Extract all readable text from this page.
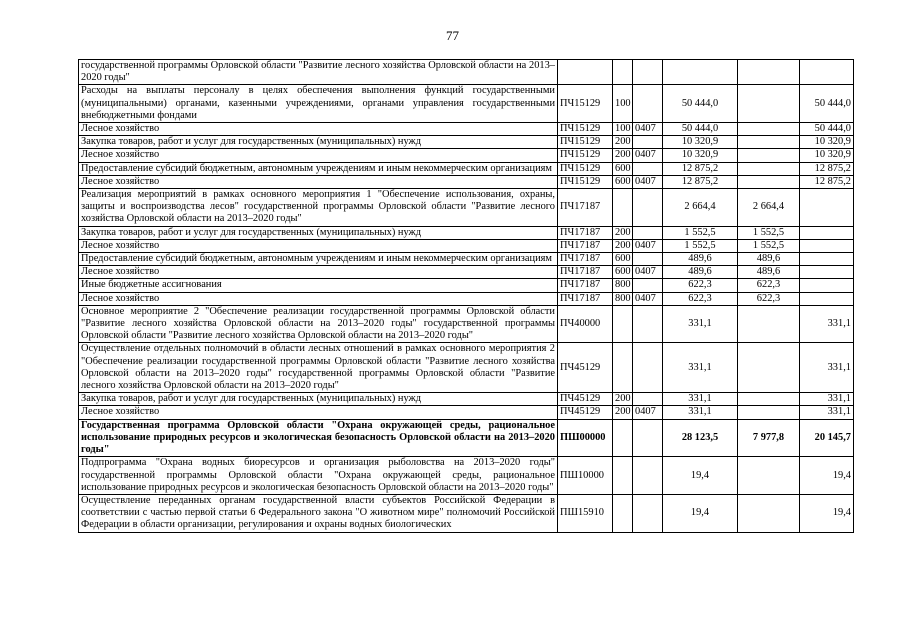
77
государственной программы Орловской области "Развитие лесного хозяйства Орловской области на 2013–2020 годы"						
Расходы на выплаты персоналу в целях обеспечения выполнения функций государственными (муниципальными) органами, казенными учреждениями, органами управления государственными внебюджетными фондами	ПЧ15129	100		50 444,0		50 444,0
Лесное хозяйство	ПЧ15129	100	0407	50 444,0		50 444,0
Закупка товаров, работ и услуг для государственных (муниципальных) нужд	ПЧ15129	200		10 320,9		10 320,9
Лесное хозяйство	ПЧ15129	200	0407	10 320,9		10 320,9
Предоставление субсидий бюджетным, автономным учреждениям и иным некоммерческим организациям	ПЧ15129	600		12 875,2		12 875,2
Лесное хозяйство	ПЧ15129	600	0407	12 875,2		12 875,2
Реализация мероприятий в рамках основного мероприятия 1 "Обеспечение использования, охраны, защиты и воспроизводства лесов" государственной программы Орловской области "Развитие лесного хозяйства Орловской области на 2013–2020 годы"	ПЧ17187			2 664,4	2 664,4	
Закупка товаров, работ и услуг для государственных (муниципальных) нужд	ПЧ17187	200		1 552,5	1 552,5	
Лесное хозяйство	ПЧ17187	200	0407	1 552,5	1 552,5	
Предоставление субсидий бюджетным, автономным учреждениям и иным некоммерческим организациям	ПЧ17187	600		489,6	489,6	
Лесное хозяйство	ПЧ17187	600	0407	489,6	489,6	
Иные бюджетные ассигнования	ПЧ17187	800		622,3	622,3	
Лесное хозяйство	ПЧ17187	800	0407	622,3	622,3	
Основное мероприятие 2 "Обеспечение реализации государственной программы Орловской области "Развитие лесного хозяйства Орловской области на 2013–2020 годы" государственной программы Орловской области "Развитие лесного хозяйства Орловской области на 2013–2020 годы"	ПЧ40000			331,1		331,1
Осуществление отдельных полномочий в области лесных отношений в рамках основного мероприятия 2 "Обеспечение реализации государственной программы Орловской области "Развитие лесного хозяйства Орловской области на 2013–2020 годы" государственной программы Орловской области "Развитие лесного хозяйства Орловской области на 2013–2020 годы"	ПЧ45129			331,1		331,1
Закупка товаров, работ и услуг для государственных (муниципальных) нужд	ПЧ45129	200		331,1		331,1
Лесное хозяйство	ПЧ45129	200	0407	331,1		331,1
Государственная программа Орловской области "Охрана окружающей среды, рациональное использование природных ресурсов и экологическая безопасность Орловской области на 2013–2020 годы"	ПШ00000			28 123,5	7 977,8	20 145,7
Подпрограмма "Охрана водных биоресурсов и организация рыболовства на 2013–2020 годы" государственной программы Орловской области "Охрана окружающей среды, рациональное использование природных ресурсов и экологическая безопасность Орловской области на 2013–2020 годы"	ПШ10000			19,4		19,4
Осуществление переданных органам государственной власти субъектов Российской Федерации в соответствии с частью первой статьи 6 Федерального закона "О животном мире" полномочий Российской Федерации в области организации, регулирования и охраны водных биологических	ПШ15910			19,4		19,4
